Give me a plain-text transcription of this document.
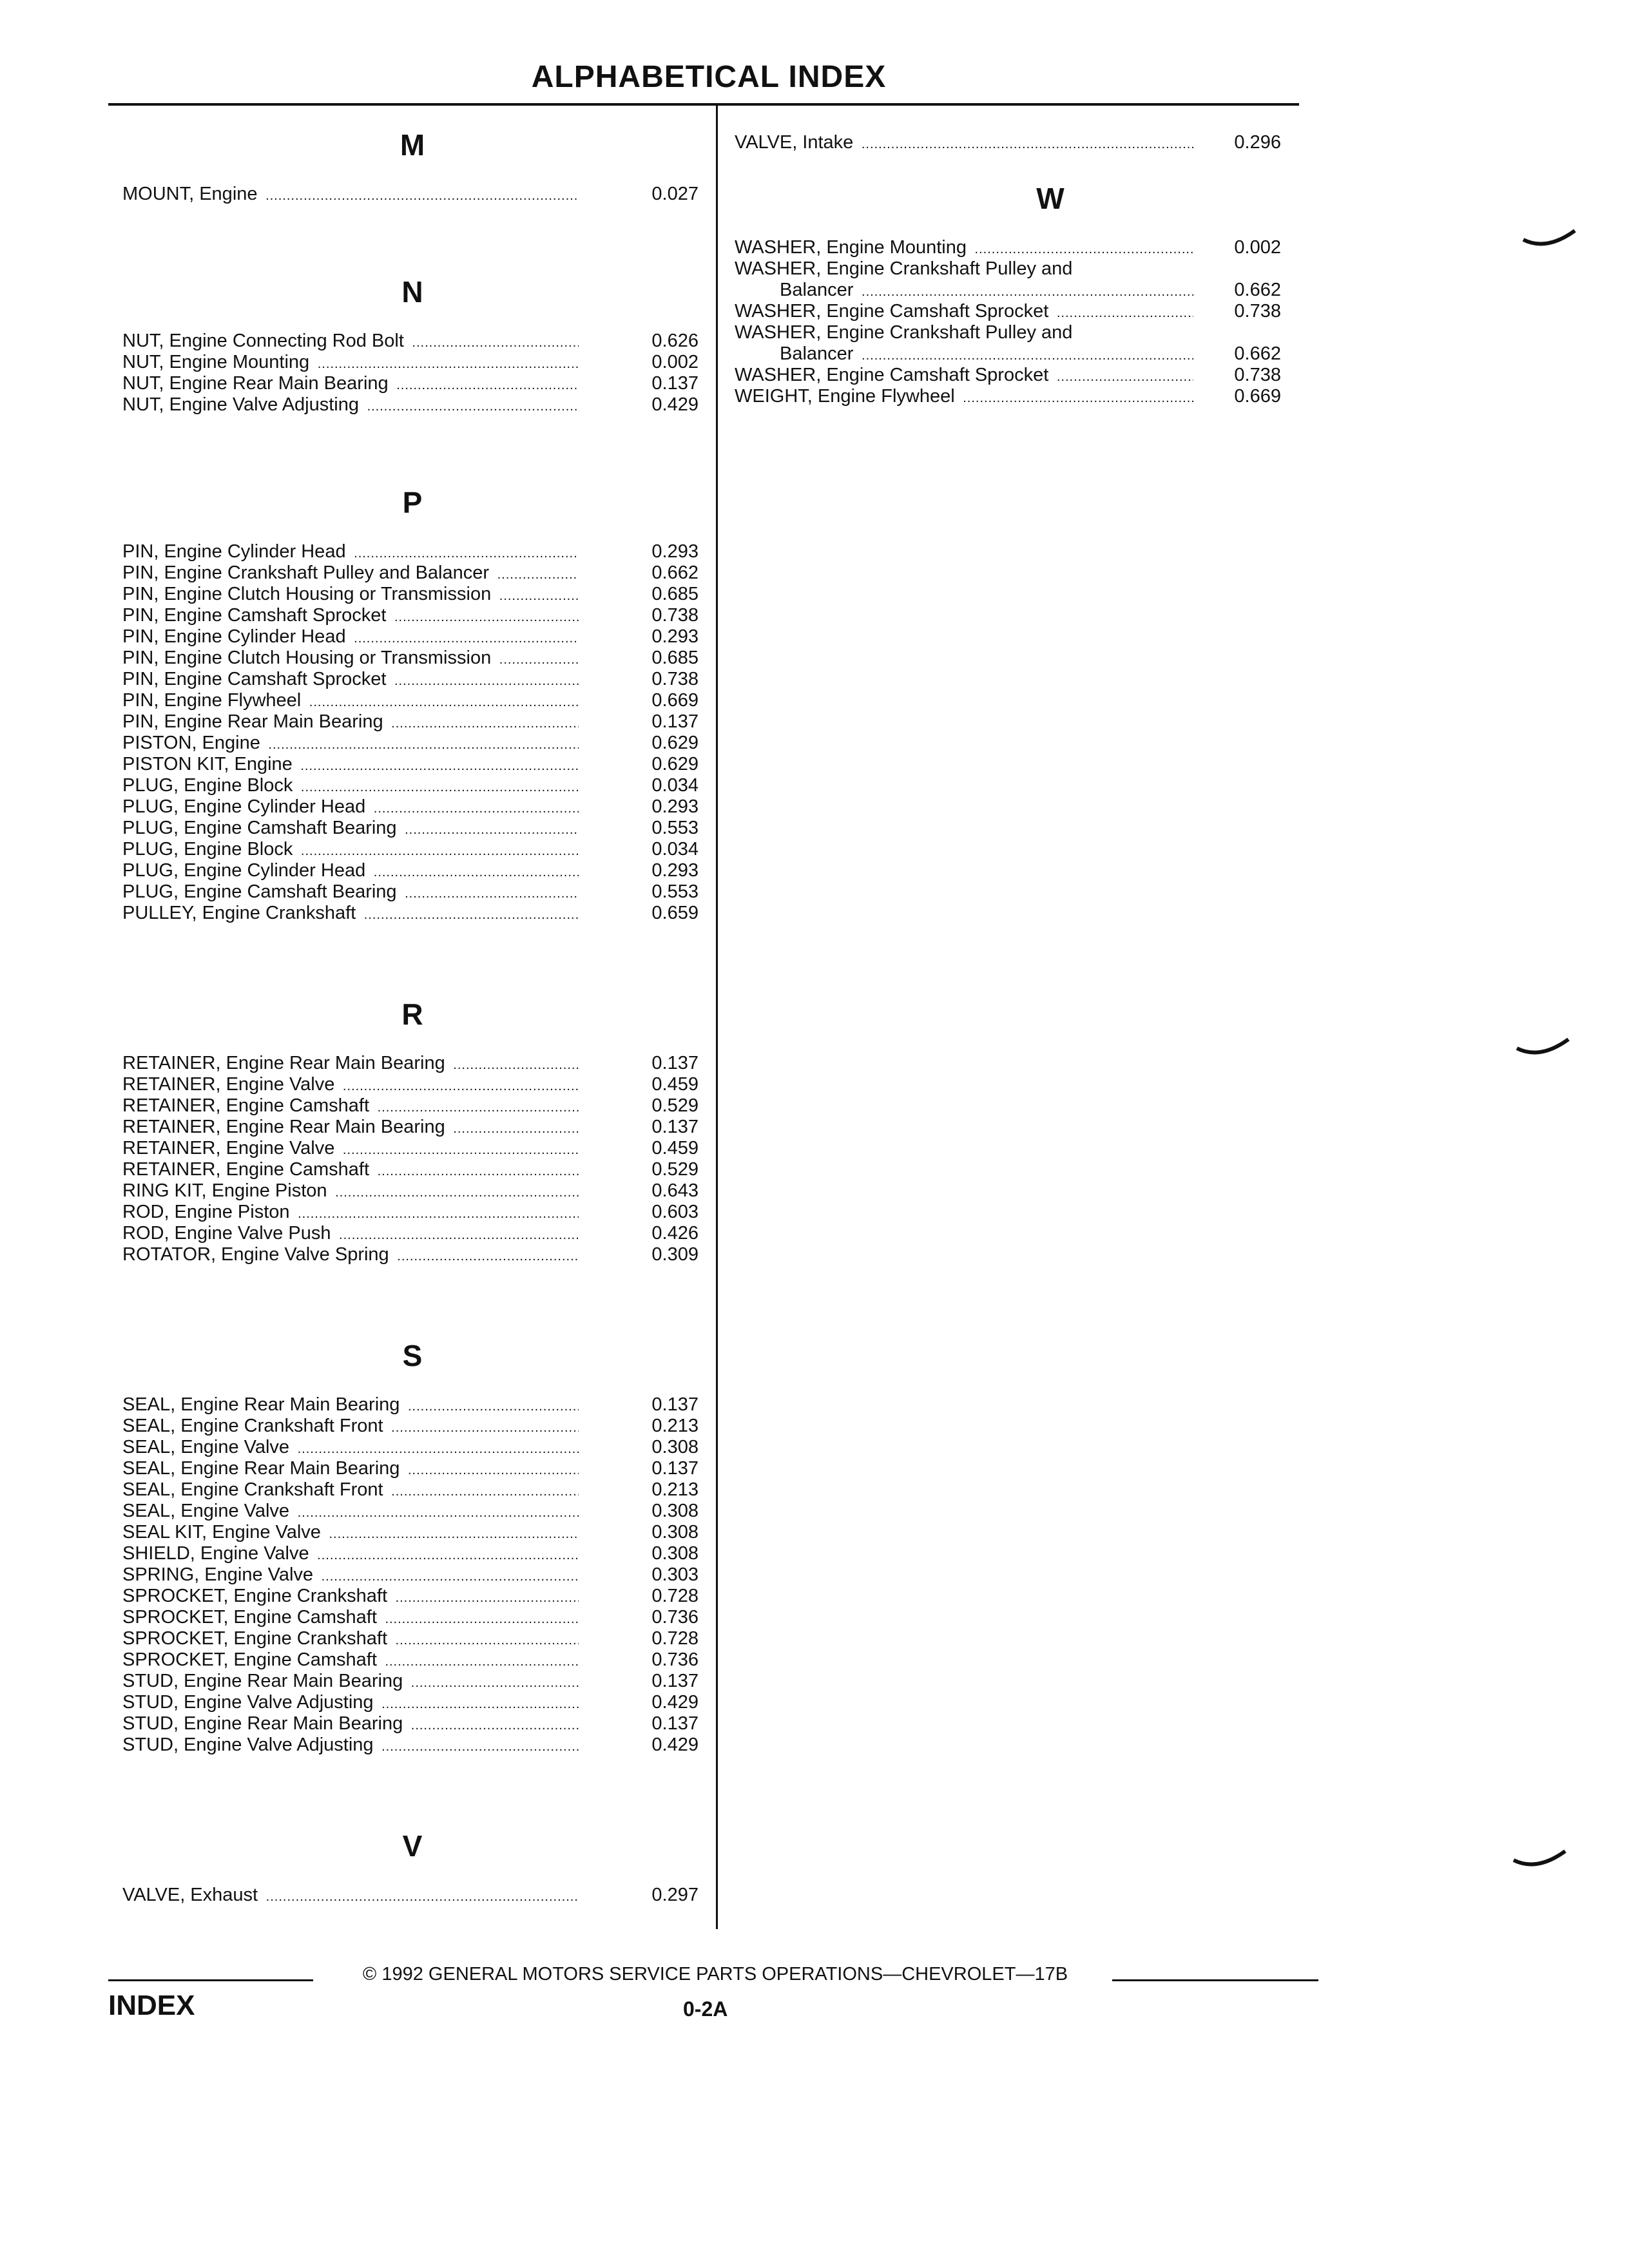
ALPHABETICAL INDEX
M
MOUNT, Engine .....	0.027
N
NUT, Engine Connecting Rod Bolt .....	0.626
NUT, Engine Mounting .....	0.002
NUT, Engine Rear Main Bearing .....	0.137
NUT, Engine Valve Adjusting .....	0.429
P
PIN, Engine Cylinder Head .....	0.293
PIN, Engine Crankshaft Pulley and Balancer .....	0.662
PIN, Engine Clutch Housing or Transmission .....	0.685
PIN, Engine Camshaft Sprocket .....	0.738
PIN, Engine Cylinder Head .....	0.293
PIN, Engine Clutch Housing or Transmission .....	0.685
PIN, Engine Camshaft Sprocket .....	0.738
PIN, Engine Flywheel .....	0.669
PIN, Engine Rear Main Bearing .....	0.137
PISTON, Engine .....	0.629
PISTON KIT, Engine .....	0.629
PLUG, Engine Block .....	0.034
PLUG, Engine Cylinder Head .....	0.293
PLUG, Engine Camshaft Bearing .....	0.553
PLUG, Engine Block .....	0.034
PLUG, Engine Cylinder Head .....	0.293
PLUG, Engine Camshaft Bearing .....	0.553
PULLEY, Engine Crankshaft .....	0.659
R
RETAINER, Engine Rear Main Bearing .....	0.137
RETAINER, Engine Valve .....	0.459
RETAINER, Engine Camshaft .....	0.529
RETAINER, Engine Rear Main Bearing .....	0.137
RETAINER, Engine Valve .....	0.459
RETAINER, Engine Camshaft .....	0.529
RING KIT, Engine Piston .....	0.643
ROD, Engine Piston .....	0.603
ROD, Engine Valve Push .....	0.426
ROTATOR, Engine Valve Spring .....	0.309
S
SEAL, Engine Rear Main Bearing .....	0.137
SEAL, Engine Crankshaft Front .....	0.213
SEAL, Engine Valve .....	0.308
SEAL, Engine Rear Main Bearing .....	0.137
SEAL, Engine Crankshaft Front .....	0.213
SEAL, Engine Valve .....	0.308
SEAL KIT, Engine Valve .....	0.308
SHIELD, Engine Valve .....	0.308
SPRING, Engine Valve .....	0.303
SPROCKET, Engine Crankshaft .....	0.728
SPROCKET, Engine Camshaft .....	0.736
SPROCKET, Engine Crankshaft .....	0.728
SPROCKET, Engine Camshaft .....	0.736
STUD, Engine Rear Main Bearing .....	0.137
STUD, Engine Valve Adjusting .....	0.429
STUD, Engine Rear Main Bearing .....	0.137
STUD, Engine Valve Adjusting .....	0.429
V
VALVE, Exhaust .....	0.297
VALVE, Intake .....	0.296
W
WASHER, Engine Mounting .....	0.002
WASHER, Engine Crankshaft Pulley and
Balancer .....	0.662
WASHER, Engine Camshaft Sprocket .....	0.738
WASHER, Engine Crankshaft Pulley and
Balancer .....	0.662
WASHER, Engine Camshaft Sprocket .....	0.738
WEIGHT, Engine Flywheel .....	0.669
© 1992 GENERAL MOTORS SERVICE PARTS OPERATIONS—CHEVROLET—17B
INDEX	0-2A
